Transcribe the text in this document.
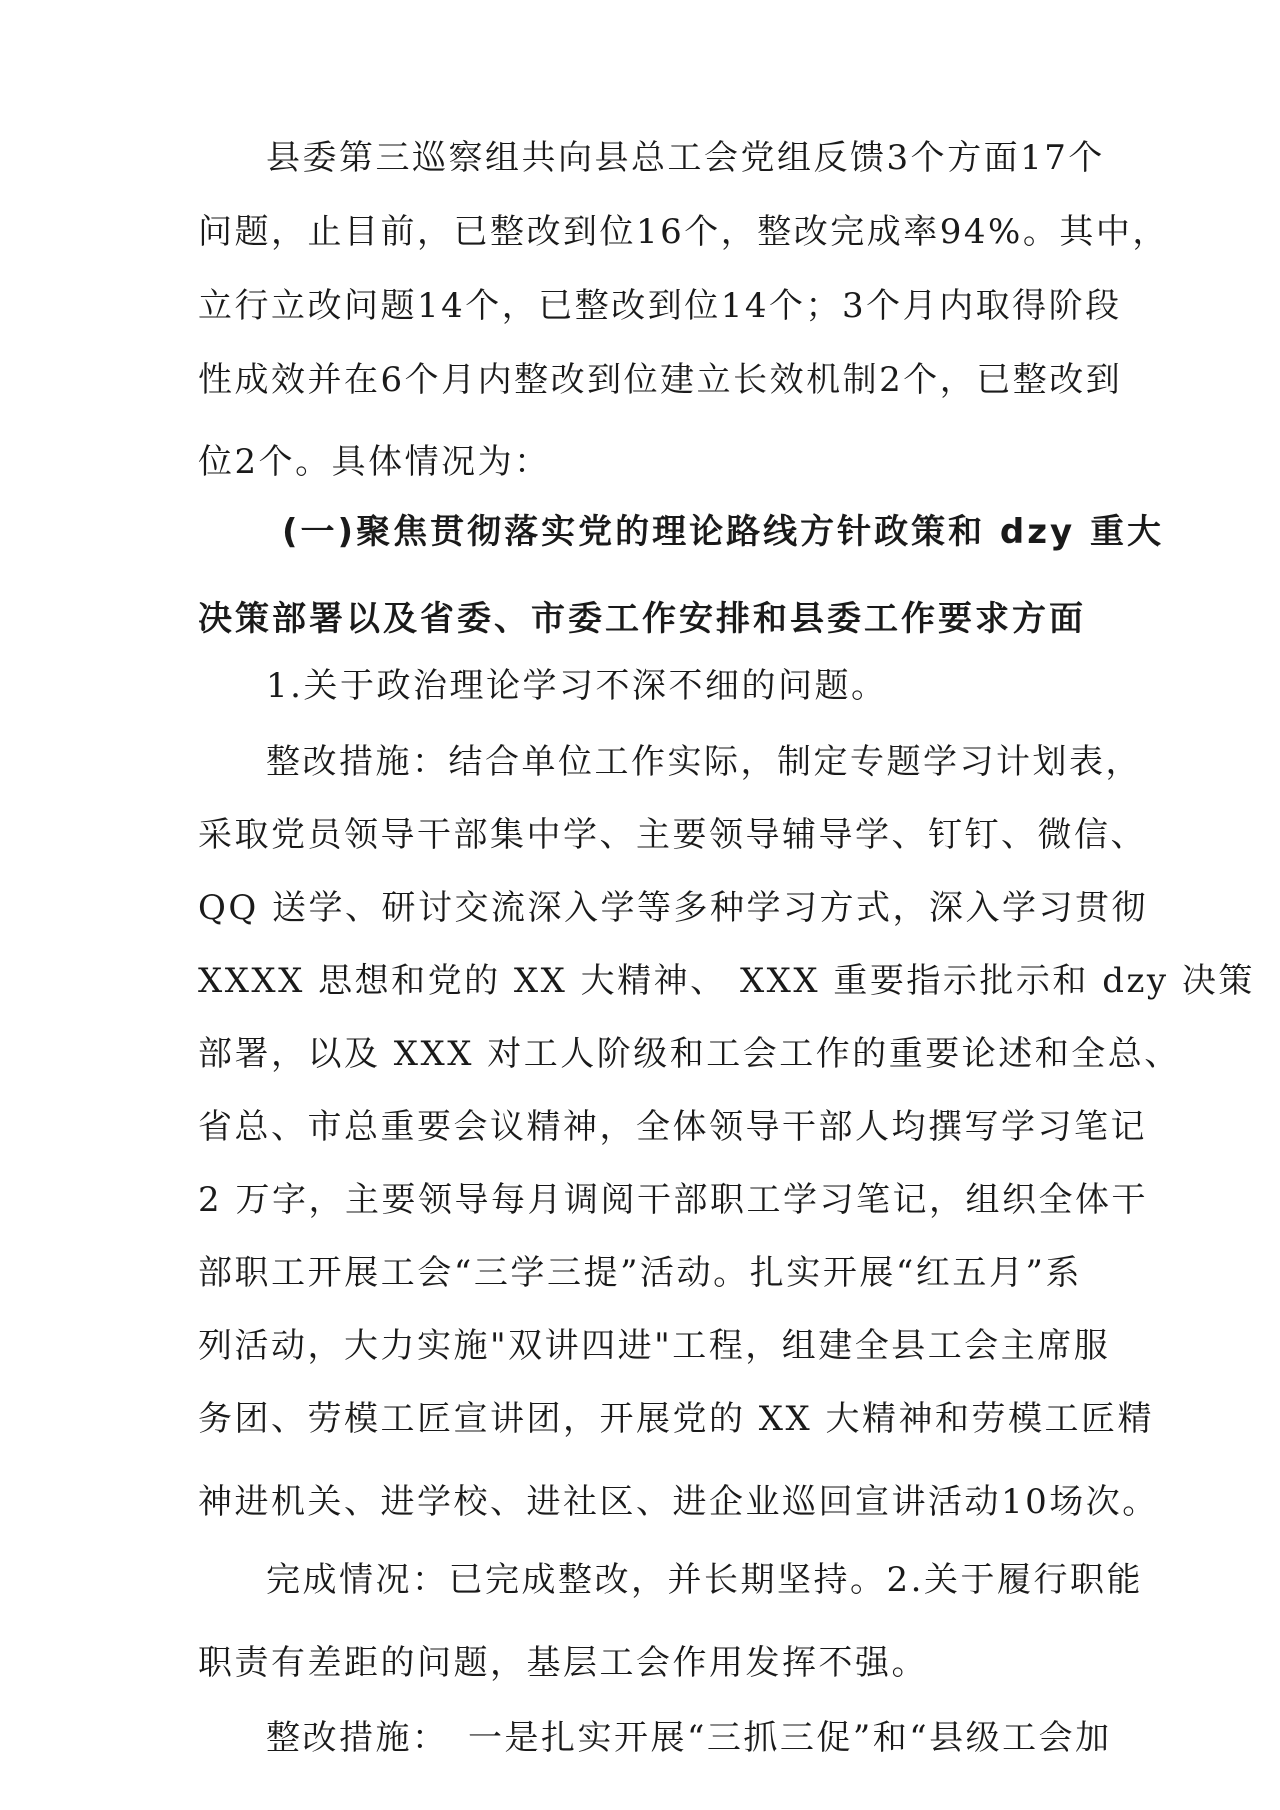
县委第三巡察组共向县总工会党组反馈3个方面17个
问题，止目前，已整改到位16个，整改完成率94%。其中，
立行立改问题14个，已整改到位14个；3个月内取得阶段
性成效并在6个月内整改到位建立长效机制2个，已整改到
位2个。具体情况为：
(一)聚焦贯彻落实党的理论路线方针政策和 dzy 重大
决策部署以及省委、市委工作安排和县委工作要求方面
1.关于政治理论学习不深不细的问题。
整改措施：结合单位工作实际，制定专题学习计划表，
采取党员领导干部集中学、主要领导辅导学、钉钉、微信、
QQ 送学、研讨交流深入学等多种学习方式，深入学习贯彻
XXXX 思想和党的 XX 大精神、 XXX 重要指示批示和 dzy 决策
部署，以及 XXX 对工人阶级和工会工作的重要论述和全总、
省总、市总重要会议精神，全体领导干部人均撰写学习笔记
2 万字，主要领导每月调阅干部职工学习笔记，组织全体干
部职工开展工会“三学三提”活动。扎实开展“红五月”系
列活动，大力实施"双讲四进"工程，组建全县工会主席服
务团、劳模工匠宣讲团，开展党的 XX 大精神和劳模工匠精
神进机关、进学校、进社区、进企业巡回宣讲活动10场次。
完成情况：已完成整改，并长期坚持。2.关于履行职能
职责有差距的问题，基层工会作用发挥不强。
整改措施：　一是扎实开展“三抓三促”和“县级工会加
